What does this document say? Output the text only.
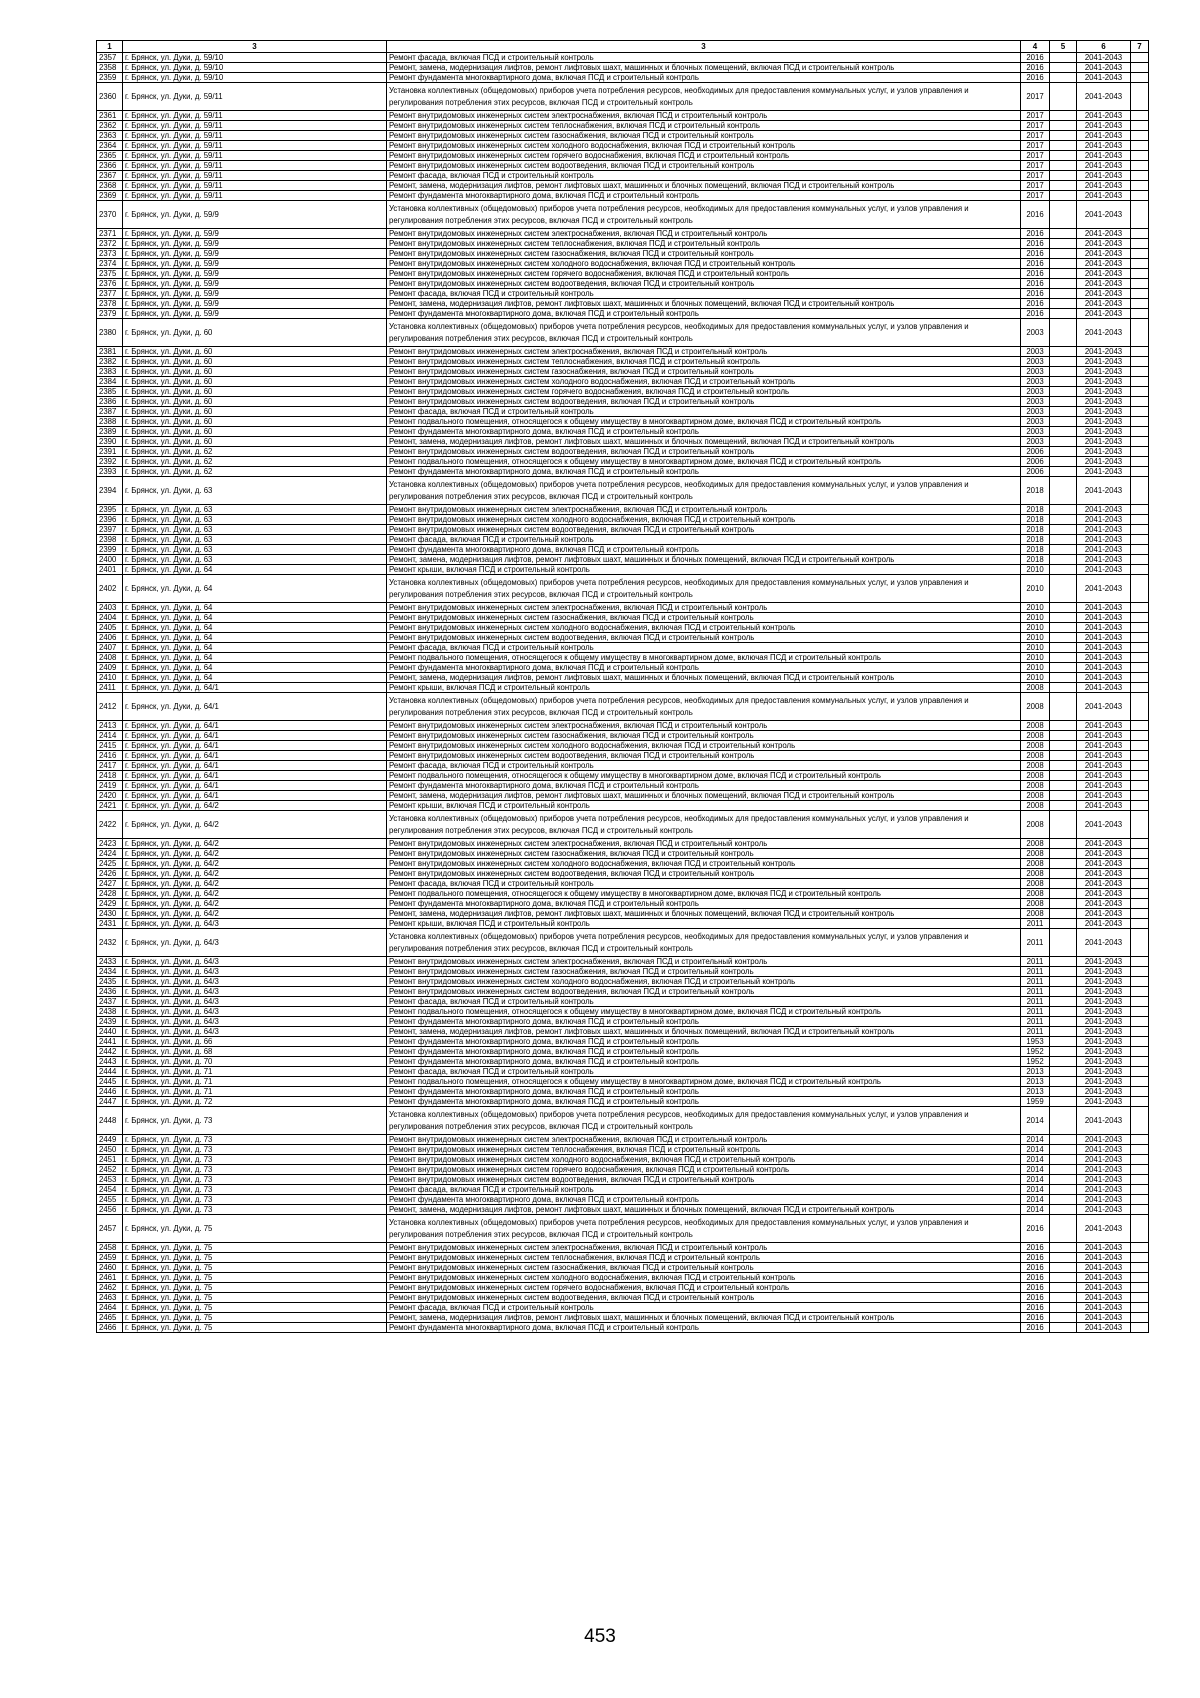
1	3	3	4	5	6	7
2357	г. Брянск, ул. Дуки, д. 59/10	Ремонт фасада, включая ПСД и строительный контроль	2016		2041-2043	
2358	г. Брянск, ул. Дуки, д. 59/10	Ремонт, замена, модернизация лифтов, ремонт лифтовых шахт, машинных и блочных помещений, включая ПСД и строительный контроль	2016		2041-2043	
2359	г. Брянск, ул. Дуки, д. 59/10	Ремонт фундамента многоквартирного дома, включая ПСД и строительный контроль	2016		2041-2043	
2360	г. Брянск, ул. Дуки, д. 59/11	Установка коллективных (общедомовых) приборов учета потребления ресурсов, необходимых для предоставления коммунальных услуг, и узлов управления и регулирования потребления этих ресурсов, включая ПСД и строительный контроль	2017		2041-2043	
2361	г. Брянск, ул. Дуки, д. 59/11	Ремонт внутридомовых инженерных систем электроснабжения, включая ПСД и строительный контроль	2017		2041-2043	
2362	г. Брянск, ул. Дуки, д. 59/11	Ремонт внутридомовых инженерных систем теплоснабжения, включая ПСД и строительный контроль	2017		2041-2043	
2363	г. Брянск, ул. Дуки, д. 59/11	Ремонт внутридомовых инженерных систем газоснабжения, включая ПСД и строительный контроль	2017		2041-2043	
2364	г. Брянск, ул. Дуки, д. 59/11	Ремонт внутридомовых инженерных систем холодного водоснабжения, включая ПСД и строительный контроль	2017		2041-2043	
2365	г. Брянск, ул. Дуки, д. 59/11	Ремонт внутридомовых инженерных систем горячего водоснабжения, включая ПСД и строительный контроль	2017		2041-2043	
2366	г. Брянск, ул. Дуки, д. 59/11	Ремонт внутридомовых инженерных систем водоотведения, включая ПСД и строительный контроль	2017		2041-2043	
2367	г. Брянск, ул. Дуки, д. 59/11	Ремонт фасада, включая ПСД и строительный контроль	2017		2041-2043	
2368	г. Брянск, ул. Дуки, д. 59/11	Ремонт, замена, модернизация лифтов, ремонт лифтовых шахт, машинных и блочных помещений, включая ПСД и строительный контроль	2017		2041-2043	
2369	г. Брянск, ул. Дуки, д. 59/11	Ремонт фундамента многоквартирного дома, включая ПСД и строительный контроль	2017		2041-2043	
2370	г. Брянск, ул. Дуки, д. 59/9	Установка коллективных (общедомовых) приборов учета потребления ресурсов, необходимых для предоставления коммунальных услуг, и узлов управления и регулирования потребления этих ресурсов, включая ПСД и строительный контроль	2016		2041-2043	
2371	г. Брянск, ул. Дуки, д. 59/9	Ремонт внутридомовых инженерных систем электроснабжения, включая ПСД и строительный контроль	2016		2041-2043	
2372	г. Брянск, ул. Дуки, д. 59/9	Ремонт внутридомовых инженерных систем теплоснабжения, включая ПСД и строительный контроль	2016		2041-2043	
2373	г. Брянск, ул. Дуки, д. 59/9	Ремонт внутридомовых инженерных систем газоснабжения, включая ПСД и строительный контроль	2016		2041-2043	
2374	г. Брянск, ул. Дуки, д. 59/9	Ремонт внутридомовых инженерных систем холодного водоснабжения, включая ПСД и строительный контроль	2016		2041-2043	
2375	г. Брянск, ул. Дуки, д. 59/9	Ремонт внутридомовых инженерных систем горячего водоснабжения, включая ПСД и строительный контроль	2016		2041-2043	
2376	г. Брянск, ул. Дуки, д. 59/9	Ремонт внутридомовых инженерных систем водоотведения, включая ПСД и строительный контроль	2016		2041-2043	
2377	г. Брянск, ул. Дуки, д. 59/9	Ремонт фасада, включая ПСД и строительный контроль	2016		2041-2043	
2378	г. Брянск, ул. Дуки, д. 59/9	Ремонт, замена, модернизация лифтов, ремонт лифтовых шахт, машинных и блочных помещений, включая ПСД и строительный контроль	2016		2041-2043	
2379	г. Брянск, ул. Дуки, д. 59/9	Ремонт фундамента многоквартирного дома, включая ПСД и строительный контроль	2016		2041-2043	
2380	г. Брянск, ул. Дуки, д. 60	Установка коллективных (общедомовых) приборов учета потребления ресурсов, необходимых для предоставления коммунальных услуг, и узлов управления и регулирования потребления этих ресурсов, включая ПСД и строительный контроль	2003		2041-2043	
2381	г. Брянск, ул. Дуки, д. 60	Ремонт внутридомовых инженерных систем электроснабжения, включая ПСД и строительный контроль	2003		2041-2043	
2382	г. Брянск, ул. Дуки, д. 60	Ремонт внутридомовых инженерных систем теплоснабжения, включая ПСД и строительный контроль	2003		2041-2043	
2383	г. Брянск, ул. Дуки, д. 60	Ремонт внутридомовых инженерных систем газоснабжения, включая ПСД и строительный контроль	2003		2041-2043	
2384	г. Брянск, ул. Дуки, д. 60	Ремонт внутридомовых инженерных систем холодного водоснабжения, включая ПСД и строительный контроль	2003		2041-2043	
2385	г. Брянск, ул. Дуки, д. 60	Ремонт внутридомовых инженерных систем горячего водоснабжения, включая ПСД и строительный контроль	2003		2041-2043	
2386	г. Брянск, ул. Дуки, д. 60	Ремонт внутридомовых инженерных систем водоотведения, включая ПСД и строительный контроль	2003		2041-2043	
2387	г. Брянск, ул. Дуки, д. 60	Ремонт фасада, включая ПСД и строительный контроль	2003		2041-2043	
2388	г. Брянск, ул. Дуки, д. 60	Ремонт подвального помещения, относящегося к общему имуществу в многоквартирном доме, включая ПСД и строительный контроль	2003		2041-2043	
2389	г. Брянск, ул. Дуки, д. 60	Ремонт фундамента многоквартирного дома, включая ПСД и строительный контроль	2003		2041-2043	
2390	г. Брянск, ул. Дуки, д. 60	Ремонт, замена, модернизация лифтов, ремонт лифтовых шахт, машинных и блочных помещений, включая ПСД и строительный контроль	2003		2041-2043	
2391	г. Брянск, ул. Дуки, д. 62	Ремонт внутридомовых инженерных систем водоотведения, включая ПСД и строительный контроль	2006		2041-2043	
2392	г. Брянск, ул. Дуки, д. 62	Ремонт подвального помещения, относящегося к общему имуществу в многоквартирном доме, включая ПСД и строительный контроль	2006		2041-2043	
2393	г. Брянск, ул. Дуки, д. 62	Ремонт фундамента многоквартирного дома, включая ПСД и строительный контроль	2006		2041-2043	
2394	г. Брянск, ул. Дуки, д. 63	Установка коллективных (общедомовых) приборов учета потребления ресурсов, необходимых для предоставления коммунальных услуг, и узлов управления и регулирования потребления этих ресурсов, включая ПСД и строительный контроль	2018		2041-2043	
2395	г. Брянск, ул. Дуки, д. 63	Ремонт внутридомовых инженерных систем электроснабжения, включая ПСД и строительный контроль	2018		2041-2043	
2396	г. Брянск, ул. Дуки, д. 63	Ремонт внутридомовых инженерных систем холодного водоснабжения, включая ПСД и строительный контроль	2018		2041-2043	
2397	г. Брянск, ул. Дуки, д. 63	Ремонт внутридомовых инженерных систем водоотведения, включая ПСД и строительный контроль	2018		2041-2043	
2398	г. Брянск, ул. Дуки, д. 63	Ремонт фасада, включая ПСД и строительный контроль	2018		2041-2043	
2399	г. Брянск, ул. Дуки, д. 63	Ремонт фундамента многоквартирного дома, включая ПСД и строительный контроль	2018		2041-2043	
2400	г. Брянск, ул. Дуки, д. 63	Ремонт, замена, модернизация лифтов, ремонт лифтовых шахт, машинных и блочных помещений, включая ПСД и строительный контроль	2018		2041-2043	
2401	г. Брянск, ул. Дуки, д. 64	Ремонт крыши, включая ПСД и строительный контроль	2010		2041-2043	
2402	г. Брянск, ул. Дуки, д. 64	Установка коллективных (общедомовых) приборов учета потребления ресурсов, необходимых для предоставления коммунальных услуг, и узлов управления и регулирования потребления этих ресурсов, включая ПСД и строительный контроль	2010		2041-2043	
2403	г. Брянск, ул. Дуки, д. 64	Ремонт внутридомовых инженерных систем электроснабжения, включая ПСД и строительный контроль	2010		2041-2043	
2404	г. Брянск, ул. Дуки, д. 64	Ремонт внутридомовых инженерных систем газоснабжения, включая ПСД и строительный контроль	2010		2041-2043	
2405	г. Брянск, ул. Дуки, д. 64	Ремонт внутридомовых инженерных систем холодного водоснабжения, включая ПСД и строительный контроль	2010		2041-2043	
2406	г. Брянск, ул. Дуки, д. 64	Ремонт внутридомовых инженерных систем водоотведения, включая ПСД и строительный контроль	2010		2041-2043	
2407	г. Брянск, ул. Дуки, д. 64	Ремонт фасада, включая ПСД и строительный контроль	2010		2041-2043	
2408	г. Брянск, ул. Дуки, д. 64	Ремонт подвального помещения, относящегося к общему имуществу в многоквартирном доме, включая ПСД и строительный контроль	2010		2041-2043	
2409	г. Брянск, ул. Дуки, д. 64	Ремонт фундамента многоквартирного дома, включая ПСД и строительный контроль	2010		2041-2043	
2410	г. Брянск, ул. Дуки, д. 64	Ремонт, замена, модернизация лифтов, ремонт лифтовых шахт, машинных и блочных помещений, включая ПСД и строительный контроль	2010		2041-2043	
2411	г. Брянск, ул. Дуки, д. 64/1	Ремонт крыши, включая ПСД и строительный контроль	2008		2041-2043	
2412	г. Брянск, ул. Дуки, д. 64/1	Установка коллективных (общедомовых) приборов учета потребления ресурсов, необходимых для предоставления коммунальных услуг, и узлов управления и регулирования потребления этих ресурсов, включая ПСД и строительный контроль	2008		2041-2043	
2413	г. Брянск, ул. Дуки, д. 64/1	Ремонт внутридомовых инженерных систем электроснабжения, включая ПСД и строительный контроль	2008		2041-2043	
2414	г. Брянск, ул. Дуки, д. 64/1	Ремонт внутридомовых инженерных систем газоснабжения, включая ПСД и строительный контроль	2008		2041-2043	
2415	г. Брянск, ул. Дуки, д. 64/1	Ремонт внутридомовых инженерных систем холодного водоснабжения, включая ПСД и строительный контроль	2008		2041-2043	
2416	г. Брянск, ул. Дуки, д. 64/1	Ремонт внутридомовых инженерных систем водоотведения, включая ПСД и строительный контроль	2008		2041-2043	
2417	г. Брянск, ул. Дуки, д. 64/1	Ремонт фасада, включая ПСД и строительный контроль	2008		2041-2043	
2418	г. Брянск, ул. Дуки, д. 64/1	Ремонт подвального помещения, относящегося к общему имуществу в многоквартирном доме, включая ПСД и строительный контроль	2008		2041-2043	
2419	г. Брянск, ул. Дуки, д. 64/1	Ремонт фундамента многоквартирного дома, включая ПСД и строительный контроль	2008		2041-2043	
2420	г. Брянск, ул. Дуки, д. 64/1	Ремонт, замена, модернизация лифтов, ремонт лифтовых шахт, машинных и блочных помещений, включая ПСД и строительный контроль	2008		2041-2043	
2421	г. Брянск, ул. Дуки, д. 64/2	Ремонт крыши, включая ПСД и строительный контроль	2008		2041-2043	
2422	г. Брянск, ул. Дуки, д. 64/2	Установка коллективных (общедомовых) приборов учета потребления ресурсов, необходимых для предоставления коммунальных услуг, и узлов управления и регулирования потребления этих ресурсов, включая ПСД и строительный контроль	2008		2041-2043	
2423	г. Брянск, ул. Дуки, д. 64/2	Ремонт внутридомовых инженерных систем электроснабжения, включая ПСД и строительный контроль	2008		2041-2043	
2424	г. Брянск, ул. Дуки, д. 64/2	Ремонт внутридомовых инженерных систем газоснабжения, включая ПСД и строительный контроль	2008		2041-2043	
2425	г. Брянск, ул. Дуки, д. 64/2	Ремонт внутридомовых инженерных систем холодного водоснабжения, включая ПСД и строительный контроль	2008		2041-2043	
2426	г. Брянск, ул. Дуки, д. 64/2	Ремонт внутридомовых инженерных систем водоотведения, включая ПСД и строительный контроль	2008		2041-2043	
2427	г. Брянск, ул. Дуки, д. 64/2	Ремонт фасада, включая ПСД и строительный контроль	2008		2041-2043	
2428	г. Брянск, ул. Дуки, д. 64/2	Ремонт подвального помещения, относящегося к общему имуществу в многоквартирном доме, включая ПСД и строительный контроль	2008		2041-2043	
2429	г. Брянск, ул. Дуки, д. 64/2	Ремонт фундамента многоквартирного дома, включая ПСД и строительный контроль	2008		2041-2043	
2430	г. Брянск, ул. Дуки, д. 64/2	Ремонт, замена, модернизация лифтов, ремонт лифтовых шахт, машинных и блочных помещений, включая ПСД и строительный контроль	2008		2041-2043	
2431	г. Брянск, ул. Дуки, д. 64/3	Ремонт крыши, включая ПСД и строительный контроль	2011		2041-2043	
2432	г. Брянск, ул. Дуки, д. 64/3	Установка коллективных (общедомовых) приборов учета потребления ресурсов, необходимых для предоставления коммунальных услуг, и узлов управления и регулирования потребления этих ресурсов, включая ПСД и строительный контроль	2011		2041-2043	
2433	г. Брянск, ул. Дуки, д. 64/3	Ремонт внутридомовых инженерных систем электроснабжения, включая ПСД и строительный контроль	2011		2041-2043	
2434	г. Брянск, ул. Дуки, д. 64/3	Ремонт внутридомовых инженерных систем газоснабжения, включая ПСД и строительный контроль	2011		2041-2043	
2435	г. Брянск, ул. Дуки, д. 64/3	Ремонт внутридомовых инженерных систем холодного водоснабжения, включая ПСД и строительный контроль	2011		2041-2043	
2436	г. Брянск, ул. Дуки, д. 64/3	Ремонт внутридомовых инженерных систем водоотведения, включая ПСД и строительный контроль	2011		2041-2043	
2437	г. Брянск, ул. Дуки, д. 64/3	Ремонт фасада, включая ПСД и строительный контроль	2011		2041-2043	
2438	г. Брянск, ул. Дуки, д. 64/3	Ремонт подвального помещения, относящегося к общему имуществу в многоквартирном доме, включая ПСД и строительный контроль	2011		2041-2043	
2439	г. Брянск, ул. Дуки, д. 64/3	Ремонт фундамента многоквартирного дома, включая ПСД и строительный контроль	2011		2041-2043	
2440	г. Брянск, ул. Дуки, д. 64/3	Ремонт, замена, модернизация лифтов, ремонт лифтовых шахт, машинных и блочных помещений, включая ПСД и строительный контроль	2011		2041-2043	
2441	г. Брянск, ул. Дуки, д. 66	Ремонт фундамента многоквартирного дома, включая ПСД и строительный контроль	1953		2041-2043	
2442	г. Брянск, ул. Дуки, д. 68	Ремонт фундамента многоквартирного дома, включая ПСД и строительный контроль	1952		2041-2043	
2443	г. Брянск, ул. Дуки, д. 70	Ремонт фундамента многоквартирного дома, включая ПСД и строительный контроль	1952		2041-2043	
2444	г. Брянск, ул. Дуки, д. 71	Ремонт фасада, включая ПСД и строительный контроль	2013		2041-2043	
2445	г. Брянск, ул. Дуки, д. 71	Ремонт подвального помещения, относящегося к общему имуществу в многоквартирном доме, включая ПСД и строительный контроль	2013		2041-2043	
2446	г. Брянск, ул. Дуки, д. 71	Ремонт фундамента многоквартирного дома, включая ПСД и строительный контроль	2013		2041-2043	
2447	г. Брянск, ул. Дуки, д. 72	Ремонт фундамента многоквартирного дома, включая ПСД и строительный контроль	1959		2041-2043	
2448	г. Брянск, ул. Дуки, д. 73	Установка коллективных (общедомовых) приборов учета потребления ресурсов, необходимых для предоставления коммунальных услуг, и узлов управления и регулирования потребления этих ресурсов, включая ПСД и строительный контроль	2014		2041-2043	
2449	г. Брянск, ул. Дуки, д. 73	Ремонт внутридомовых инженерных систем электроснабжения, включая ПСД и строительный контроль	2014		2041-2043	
2450	г. Брянск, ул. Дуки, д. 73	Ремонт внутридомовых инженерных систем теплоснабжения, включая ПСД и строительный контроль	2014		2041-2043	
2451	г. Брянск, ул. Дуки, д. 73	Ремонт внутридомовых инженерных систем холодного водоснабжения, включая ПСД и строительный контроль	2014		2041-2043	
2452	г. Брянск, ул. Дуки, д. 73	Ремонт внутридомовых инженерных систем горячего водоснабжения, включая ПСД и строительный контроль	2014		2041-2043	
2453	г. Брянск, ул. Дуки, д. 73	Ремонт внутридомовых инженерных систем водоотведения, включая ПСД и строительный контроль	2014		2041-2043	
2454	г. Брянск, ул. Дуки, д. 73	Ремонт фасада, включая ПСД и строительный контроль	2014		2041-2043	
2455	г. Брянск, ул. Дуки, д. 73	Ремонт фундамента многоквартирного дома, включая ПСД и строительный контроль	2014		2041-2043	
2456	г. Брянск, ул. Дуки, д. 73	Ремонт, замена, модернизация лифтов, ремонт лифтовых шахт, машинных и блочных помещений, включая ПСД и строительный контроль	2014		2041-2043	
2457	г. Брянск, ул. Дуки, д. 75	Установка коллективных (общедомовых) приборов учета потребления ресурсов, необходимых для предоставления коммунальных услуг, и узлов управления и регулирования потребления этих ресурсов, включая ПСД и строительный контроль	2016		2041-2043	
2458	г. Брянск, ул. Дуки, д. 75	Ремонт внутридомовых инженерных систем электроснабжения, включая ПСД и строительный контроль	2016		2041-2043	
2459	г. Брянск, ул. Дуки, д. 75	Ремонт внутридомовых инженерных систем теплоснабжения, включая ПСД и строительный контроль	2016		2041-2043	
2460	г. Брянск, ул. Дуки, д. 75	Ремонт внутридомовых инженерных систем газоснабжения, включая ПСД и строительный контроль	2016		2041-2043	
2461	г. Брянск, ул. Дуки, д. 75	Ремонт внутридомовых инженерных систем холодного водоснабжения, включая ПСД и строительный контроль	2016		2041-2043	
2462	г. Брянск, ул. Дуки, д. 75	Ремонт внутридомовых инженерных систем горячего водоснабжения, включая ПСД и строительный контроль	2016		2041-2043	
2463	г. Брянск, ул. Дуки, д. 75	Ремонт внутридомовых инженерных систем водоотведения, включая ПСД и строительный контроль	2016		2041-2043	
2464	г. Брянск, ул. Дуки, д. 75	Ремонт фасада, включая ПСД и строительный контроль	2016		2041-2043	
2465	г. Брянск, ул. Дуки, д. 75	Ремонт, замена, модернизация лифтов, ремонт лифтовых шахт, машинных и блочных помещений, включая ПСД и строительный контроль	2016		2041-2043	
2466	г. Брянск, ул. Дуки, д. 75	Ремонт фундамента многоквартирного дома, включая ПСД и строительный контроль	2016		2041-2043	
453
